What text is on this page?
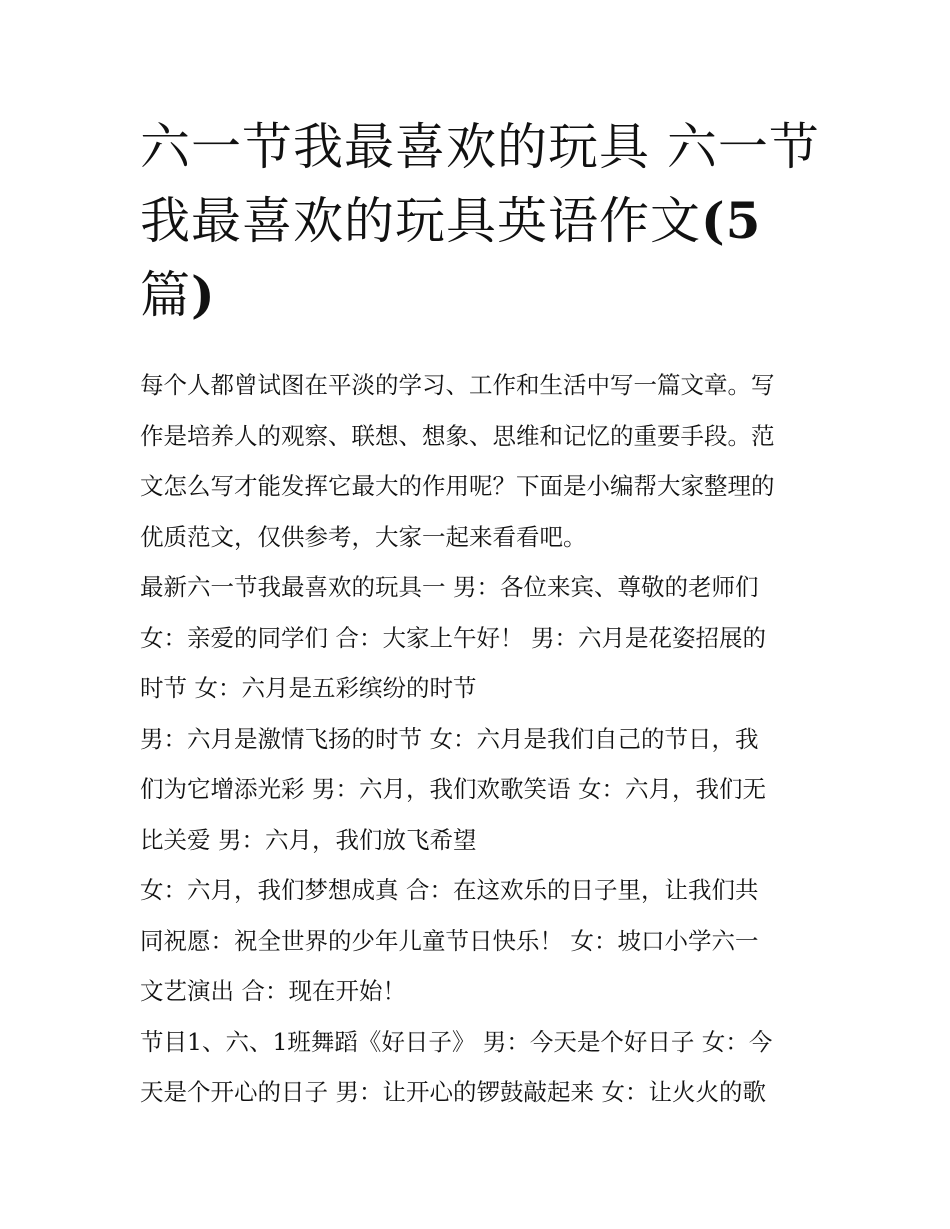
六一节我最喜欢的玩具 六一节
我最喜欢的玩具英语作文(5
篇)

每个人都曾试图在平淡的学习、工作和生活中写一篇文章。写
作是培养人的观察、联想、想象、思维和记忆的重要手段。范
文怎么写才能发挥它最大的作用呢？下面是小编帮大家整理的
优质范文，仅供参考，大家一起来看看吧。

最新六一节我最喜欢的玩具一 男：各位来宾、尊敬的老师们
女：亲爱的同学们 合：大家上午好！ 男：六月是花姿招展的
时节 女：六月是五彩缤纷的时节

男：六月是激情飞扬的时节 女：六月是我们自己的节日，我
们为它增添光彩 男：六月，我们欢歌笑语 女：六月，我们无
比关爱 男：六月，我们放飞希望

女：六月，我们梦想成真 合：在这欢乐的日子里，让我们共
同祝愿：祝全世界的少年儿童节日快乐！ 女：坡口小学六一
文艺演出 合：现在开始！

节目1、六、1班舞蹈《好日子》 男：今天是个好日子 女：今
天是个开心的日子 男：让开心的锣鼓敲起来 女：让火火的歌
